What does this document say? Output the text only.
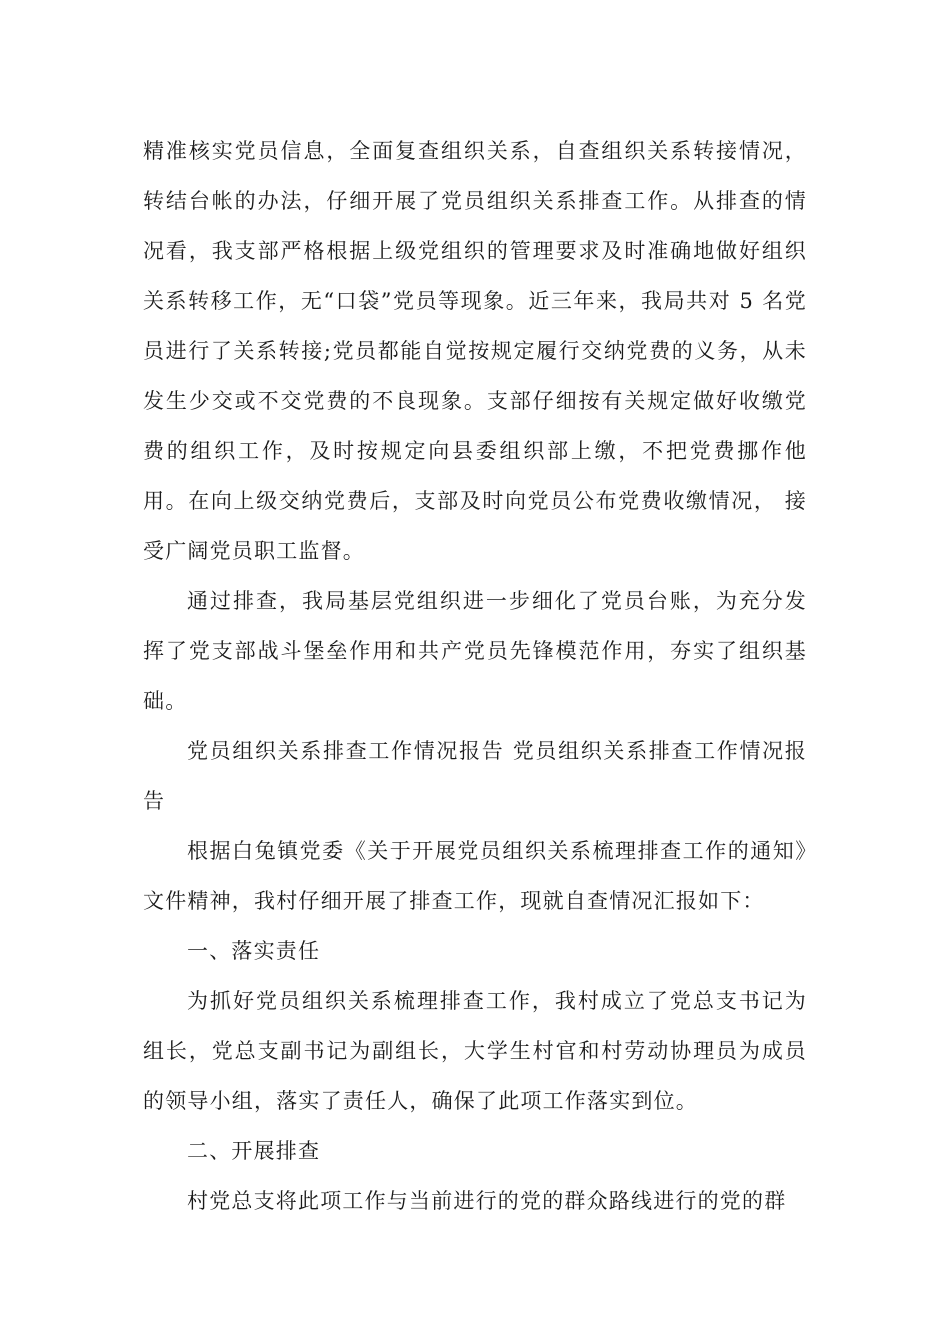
精准核实党员信息，全面复查组织关系，自查组织关系转接情况，转结台帐的办法，仔细开展了党员组织关系排查工作。从排查的情况看，我支部严格根据上级党组织的管理要求及时准确地做好组织关系转移工作，无“口袋”党员等现象。近三年来，我局共对 5 名党员进行了关系转接;党员都能自觉按规定履行交纳党费的义务，从未发生少交或不交党费的不良现象。支部仔细按有关规定做好收缴党费的组织工作，及时按规定向县委组织部上缴，不把党费挪作他用。在向上级交纳党费后，支部及时向党员公布党费收缴情况， 接受广阔党员职工监督。

通过排查，我局基层党组织进一步细化了党员台账，为充分发挥了党支部战斗堡垒作用和共产党员先锋模范作用，夯实了组织基础。

党员组织关系排查工作情况报告 党员组织关系排查工作情况报告

根据白兔镇党委《关于开展党员组织关系梳理排查工作的通知》文件精神，我村仔细开展了排查工作，现就自查情况汇报如下：

一、落实责任

为抓好党员组织关系梳理排查工作，我村成立了党总支书记为组长，党总支副书记为副组长，大学生村官和村劳动协理员为成员的领导小组，落实了责任人，确保了此项工作落实到位。

二、开展排查

村党总支将此项工作与当前进行的党的群众路线进行的党的群
